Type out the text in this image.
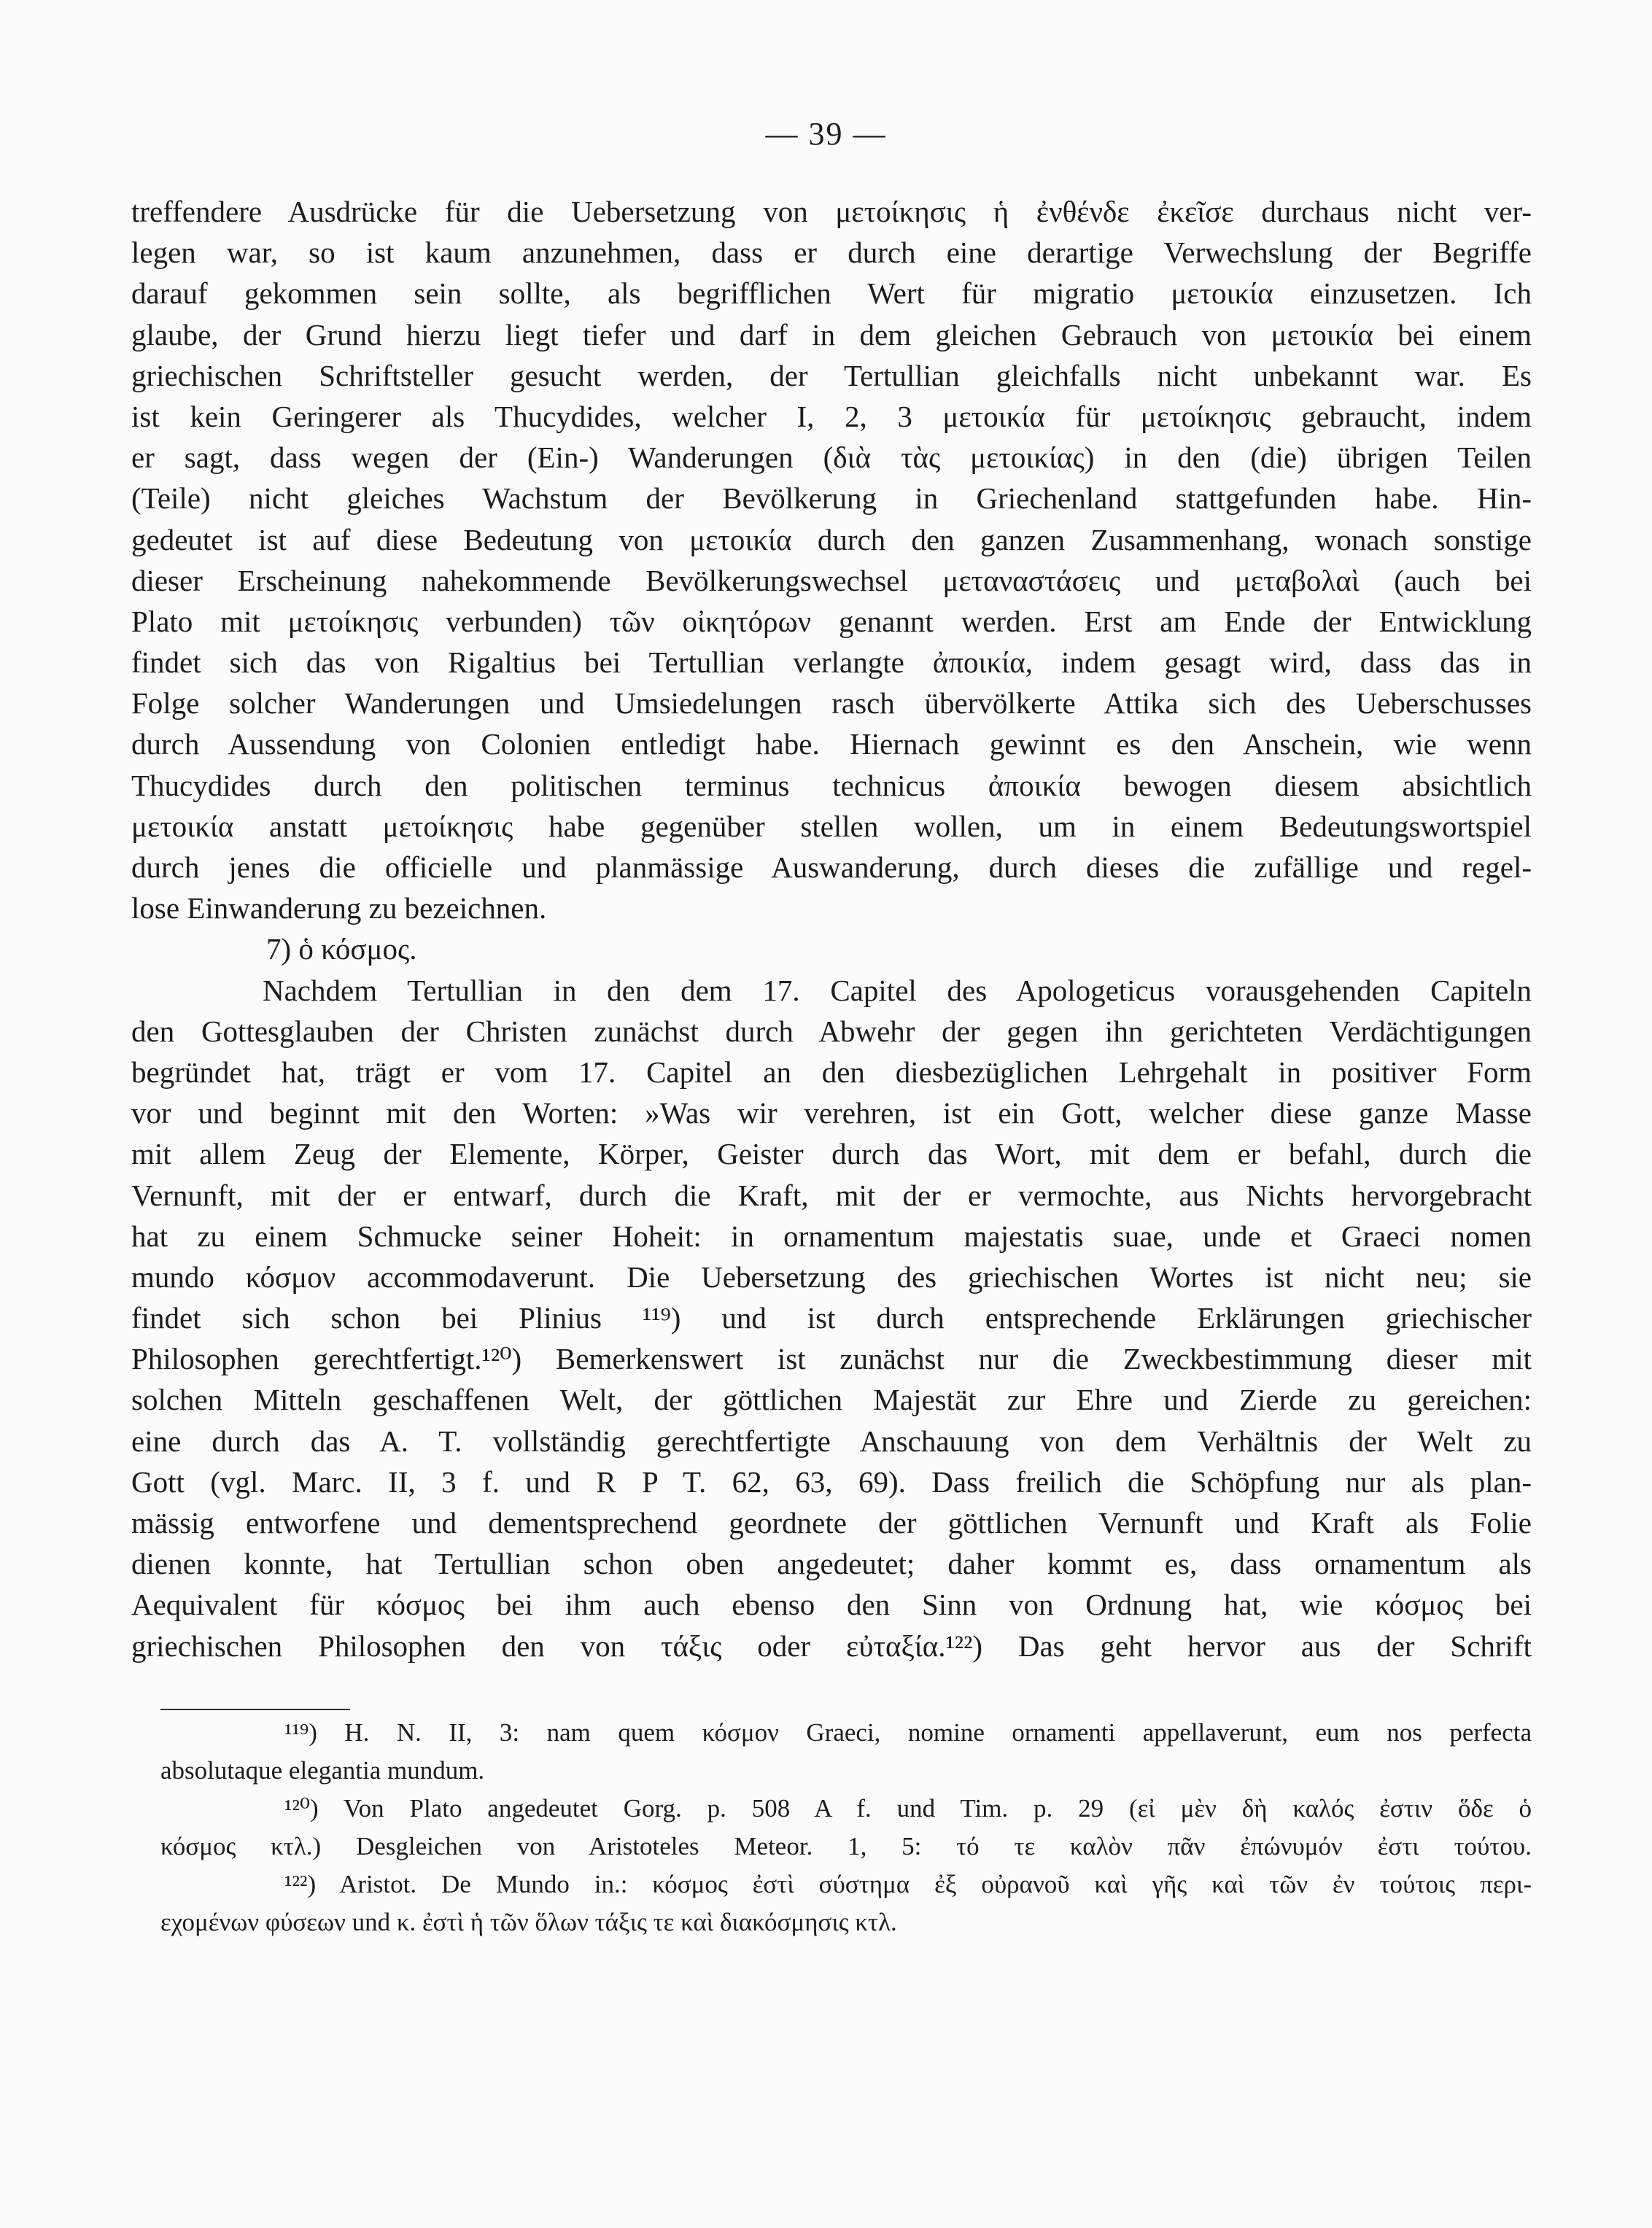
— 39 —
treffendere Ausdrücke für die Uebersetzung von μετοίκησις ἡ ἐνθένδε ἐκεῖσε durchaus nicht ver-
legen war, so ist kaum anzunehmen, dass er durch eine derartige Verwechslung der Begriffe
darauf gekommen sein sollte, als begrifflichen Wert für migratio μετοικία einzusetzen. Ich
glaube, der Grund hierzu liegt tiefer und darf in dem gleichen Gebrauch von μετοικία bei einem
griechischen Schriftsteller gesucht werden, der Tertullian gleichfalls nicht unbekannt war. Es
ist kein Geringerer als Thucydides, welcher I, 2, 3 μετοικία für μετοίκησις gebraucht, indem
er sagt, dass wegen der (Ein-) Wanderungen (διὰ τὰς μετοικίας) in den (die) übrigen Teilen
(Teile) nicht gleiches Wachstum der Bevölkerung in Griechenland stattgefunden habe. Hin-
gedeutet ist auf diese Bedeutung von μετοικία durch den ganzen Zusammenhang, wonach sonstige
dieser Erscheinung nahekommende Bevölkerungswechsel μεταναστάσεις und μεταβολαὶ (auch bei
Plato mit μετοίκησις verbunden) τῶν οἰκητόρων genannt werden. Erst am Ende der Entwicklung
findet sich das von Rigaltius bei Tertullian verlangte ἀποικία, indem gesagt wird, dass das in
Folge solcher Wanderungen und Umsiedelungen rasch übervölkerte Attika sich des Ueberschusses
durch Aussendung von Colonien entledigt habe. Hiernach gewinnt es den Anschein, wie wenn
Thucydides durch den politischen terminus technicus ἀποικία bewogen diesem absichtlich
μετοικία anstatt μετοίκησις habe gegenüber stellen wollen, um in einem Bedeutungswortspiel
durch jenes die officielle und planmässige Auswanderung, durch dieses die zufällige und regel-
lose Einwanderung zu bezeichnen.
7) ὁ κόσμος.
Nachdem Tertullian in den dem 17. Capitel des Apologeticus vorausgehenden Capiteln
den Gottesglauben der Christen zunächst durch Abwehr der gegen ihn gerichteten Verdächtigungen
begründet hat, trägt er vom 17. Capitel an den diesbezüglichen Lehrgehalt in positiver Form
vor und beginnt mit den Worten: »Was wir verehren, ist ein Gott, welcher diese ganze Masse
mit allem Zeug der Elemente, Körper, Geister durch das Wort, mit dem er befahl, durch die
Vernunft, mit der er entwarf, durch die Kraft, mit der er vermochte, aus Nichts hervorgebracht
hat zu einem Schmucke seiner Hoheit: in ornamentum majestatis suae, unde et Graeci nomen
mundo κόσμον accommodaverunt. Die Uebersetzung des griechischen Wortes ist nicht neu; sie
findet sich schon bei Plinius ¹¹⁹) und ist durch entsprechende Erklärungen griechischer
Philosophen gerechtfertigt.¹²⁰) Bemerkenswert ist zunächst nur die Zweckbestimmung dieser mit
solchen Mitteln geschaffenen Welt, der göttlichen Majestät zur Ehre und Zierde zu gereichen:
eine durch das A. T. vollständig gerechtfertigte Anschauung von dem Verhältnis der Welt zu
Gott (vgl. Marc. II, 3 f. und R P T. 62, 63, 69). Dass freilich die Schöpfung nur als plan-
mässig entworfene und dementsprechend geordnete der göttlichen Vernunft und Kraft als Folie
dienen konnte, hat Tertullian schon oben angedeutet; daher kommt es, dass ornamentum als
Aequivalent für κόσμος bei ihm auch ebenso den Sinn von Ordnung hat, wie κόσμος bei
griechischen Philosophen den von τάξις oder εὐταξία.¹²²) Das geht hervor aus der Schrift
¹¹⁹) H. N. II, 3: nam quem κόσμον Graeci, nomine ornamenti appellaverunt, eum nos perfecta
absolutaque elegantia mundum.
¹²⁰) Von Plato angedeutet Gorg. p. 508 A f. und Tim. p. 29 (εἰ μὲν δὴ καλός ἐστιν ὅδε ὁ
κόσμος κτλ.) Desgleichen von Aristoteles Meteor. 1, 5: τό τε καλὸν πᾶν ἐπώνυμόν ἐστι τούτου.
¹²²) Aristot. De Mundo in.: κόσμος ἐστὶ σύστημα ἐξ οὐρανοῦ καὶ γῆς καὶ τῶν ἐν τούτοις περι-
εχομένων φύσεων und κ. ἐστὶ ἡ τῶν ὅλων τάξις τε καὶ διακόσμησις κτλ.
